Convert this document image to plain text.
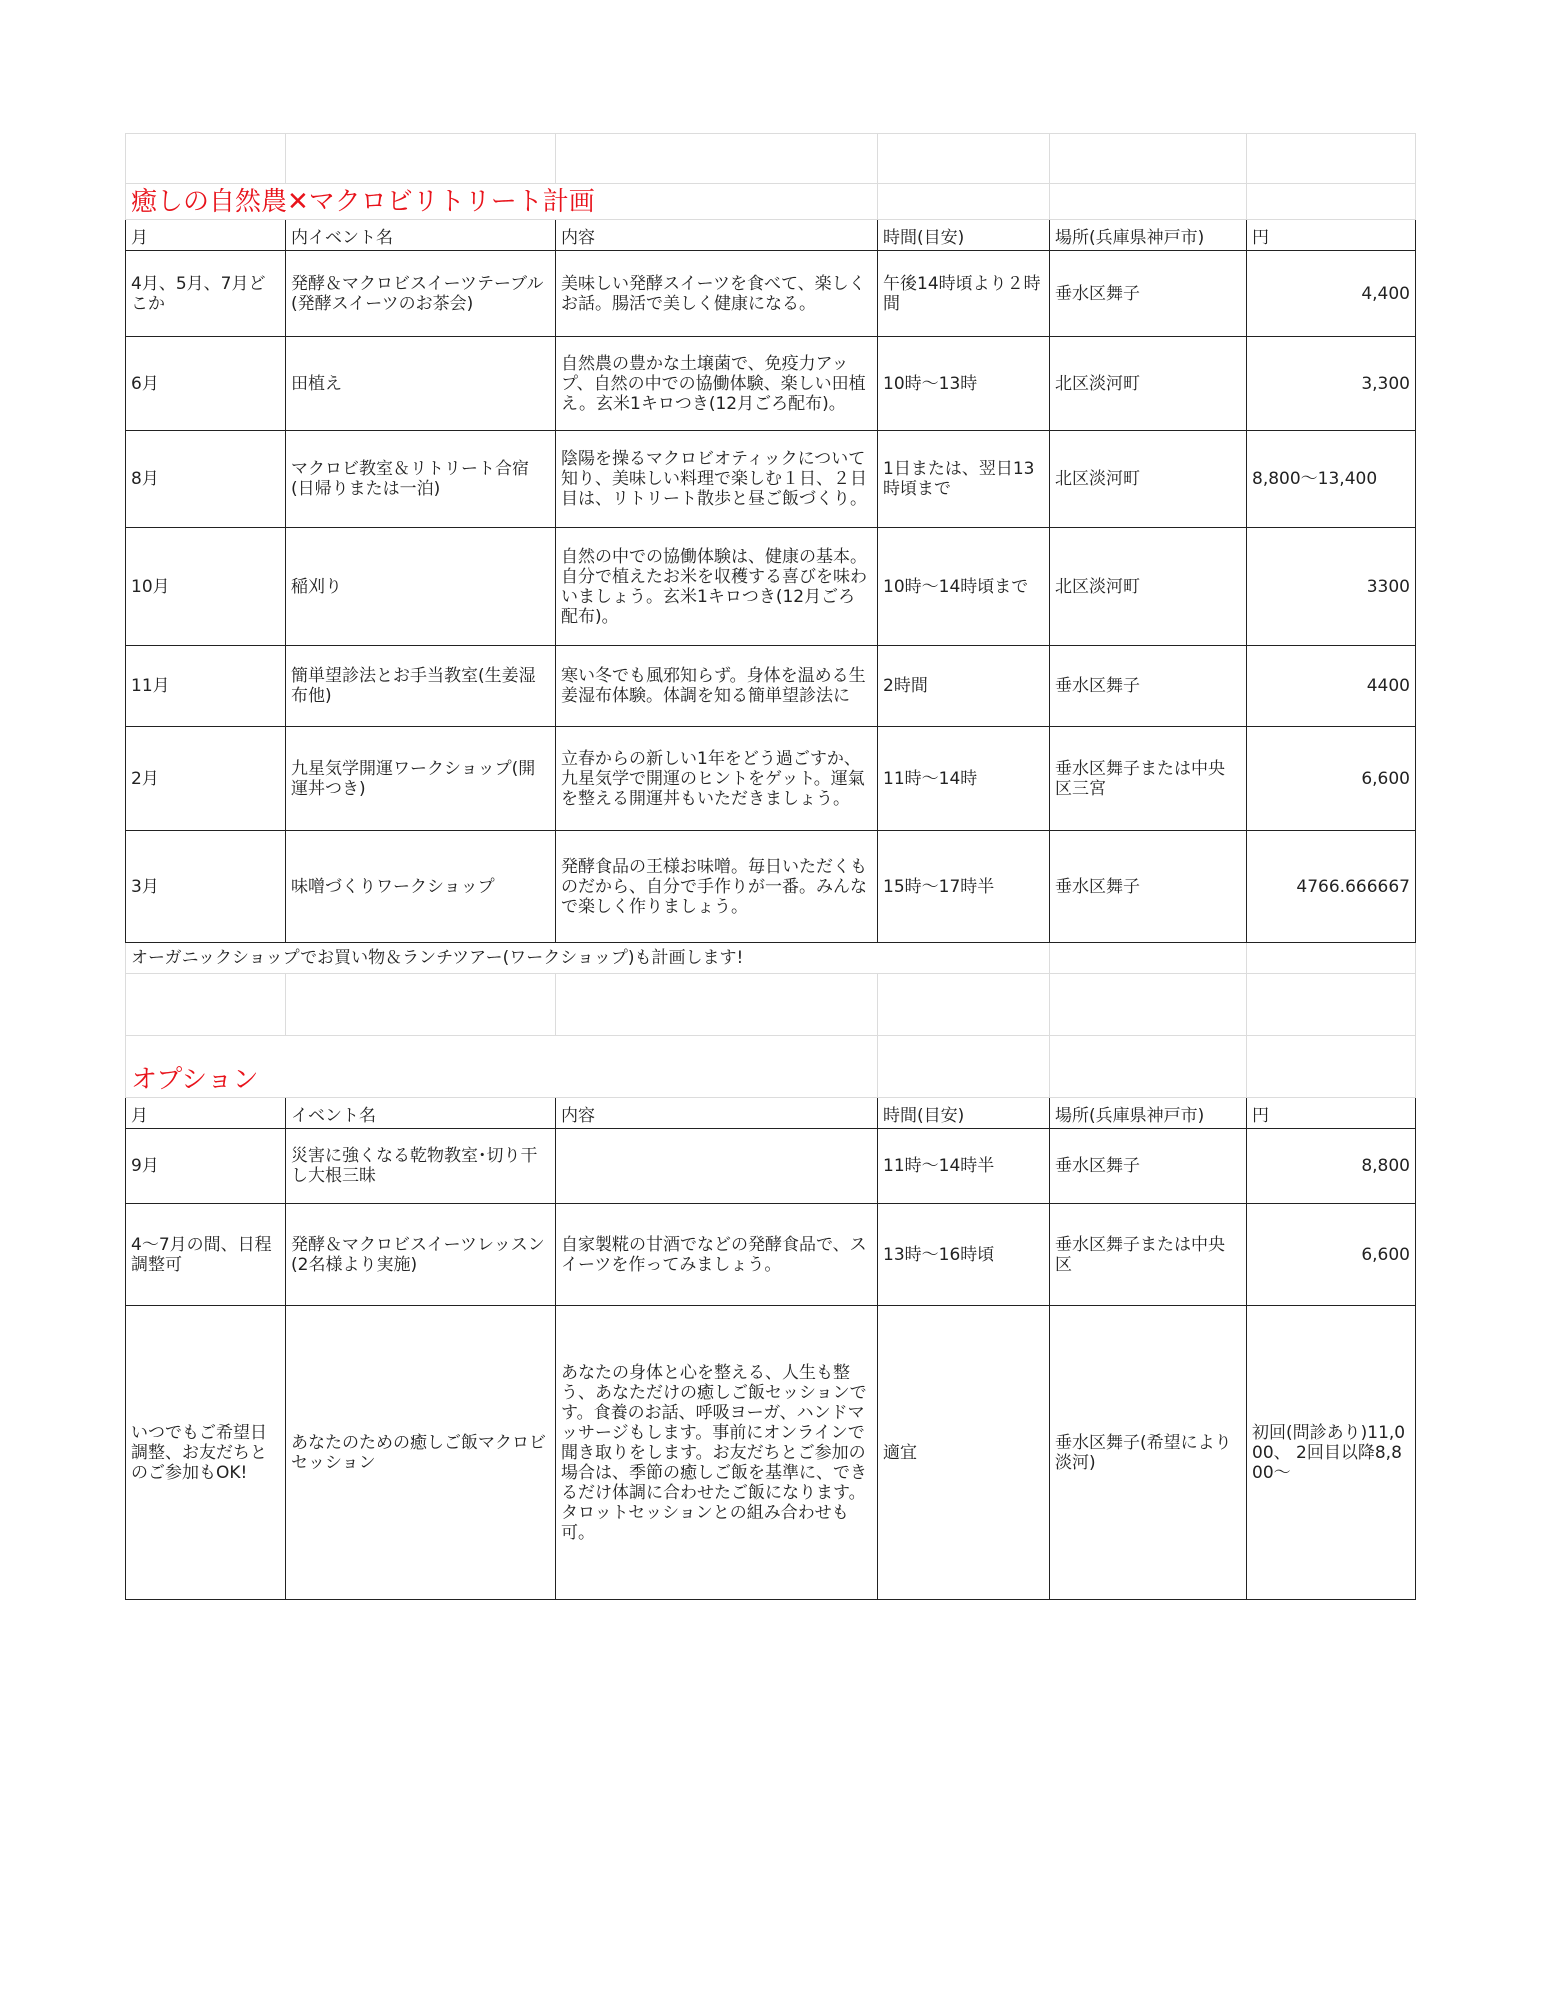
癒しの自然農✕マクロビリトリート計画					
月	内イベント名	内容	時間(目安)	場所(兵庫県神戸市)	円
4月、5月、7月どこか	発酵＆マクロビスイーツテーブル(発酵スイーツのお茶会)	美味しい発酵スイーツを食べて、楽しくお話。腸活で美しく健康になる。	午後14時頃より２時間	垂水区舞子	4,400
6月	田植え	自然農の豊かな土壌菌で、免疫力アップ、自然の中での協働体験、楽しい田植え。玄米1キロつき(12月ごろ配布)。	10時〜13時	北区淡河町	3,300
8月	マクロビ教室＆リトリート合宿(日帰りまたは一泊)	陰陽を操るマクロビオティックについて知り、美味しい料理で楽しむ１日、２日目は、リトリート散歩と昼ご飯づくり。	1日または、翌日13時頃まで	北区淡河町	8,800〜13,400
10月	稲刈り	自然の中での協働体験は、健康の基本。自分で植えたお米を収穫する喜びを味わいましょう。玄米1キロつき(12月ごろ配布)。	10時〜14時頃まで	北区淡河町	3300
11月	簡単望診法とお手当教室(生姜湿布他)	寒い冬でも風邪知らず。身体を温める生姜湿布体験。体調を知る簡単望診法に	2時間	垂水区舞子	4400
2月	九星気学開運ワークショップ(開運丼つき)	立春からの新しい1年をどう過ごすか、九星気学で開運のヒントをゲット。運氣を整える開運丼もいただきましょう。	11時〜14時	垂水区舞子または中央区三宮	6,600
3月	味噌づくりワークショップ	発酵食品の王様お味噌。毎日いただくものだから、自分で手作りが一番。みんなで楽しく作りましょう。	15時〜17時半	垂水区舞子	4766.666667
オーガニックショップでお買い物＆ランチツアー(ワークショップ)も計画します!					

オプション					
月	イベント名	内容	時間(目安)	場所(兵庫県神戸市)	円
9月	災害に強くなる乾物教室･切り干し大根三昧		11時〜14時半	垂水区舞子	8,800
4〜7月の間、日程調整可	発酵＆マクロビスイーツレッスン(2名様より実施)	自家製糀の甘酒でなどの発酵食品で、スイーツを作ってみましょう。	13時〜16時頃	垂水区舞子または中央区	6,600
いつでもご希望日調整、お友だちとのご参加もOK!	あなたのための癒しご飯マクロビセッション	あなたの身体と心を整える、人生も整う、あなただけの癒しご飯セッションです。食養のお話、呼吸ヨーガ、ハンドマッサージもします。事前にオンラインで聞き取りをします。お友だちとご参加の場合は、季節の癒しご飯を基準に、できるだけ体調に合わせたご飯になります。タロットセッションとの組み合わせも可。	適宜	垂水区舞子(希望により淡河)	初回(問診あり)11,000、 2回目以降8,800〜
